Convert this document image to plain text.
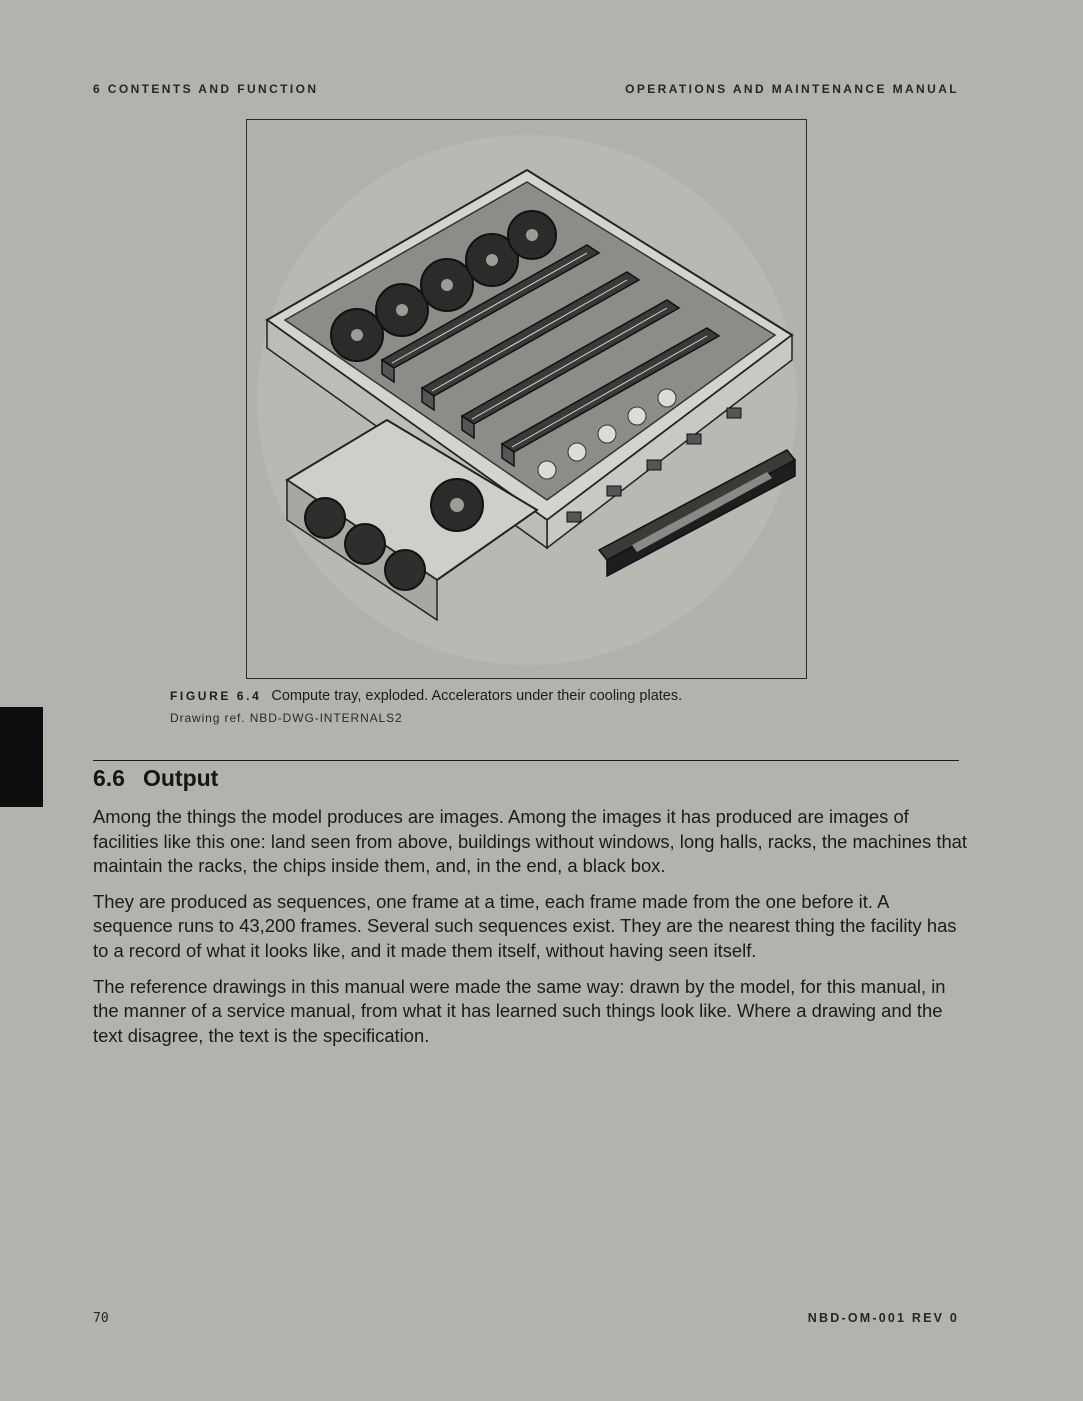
6 CONTENTS AND FUNCTION	OPERATIONS AND MAINTENANCE MANUAL
FIGURE 6.4 Compute tray, exploded. Accelerators under their cooling plates.
Drawing ref. NBD-DWG-INTERNALS2
6.6 Output

Among the things the model produces are images. Among the images it has produced are images of facilities like this one: land seen from above, buildings without windows, long halls, racks, the machines that maintain the racks, the chips inside them, and, in the end, a black box.

They are produced as sequences, one frame at a time, each frame made from the one before it. A sequence runs to 43,200 frames. Several such sequences exist. They are the nearest thing the facility has to a record of what it looks like, and it made them itself, without having seen itself.

The reference drawings in this manual were made the same way: drawn by the model, for this manual, in the manner of a service manual, from what it has learned such things look like. Where a drawing and the text disagree, the text is the specification.

70	NBD-OM-001 REV 0
